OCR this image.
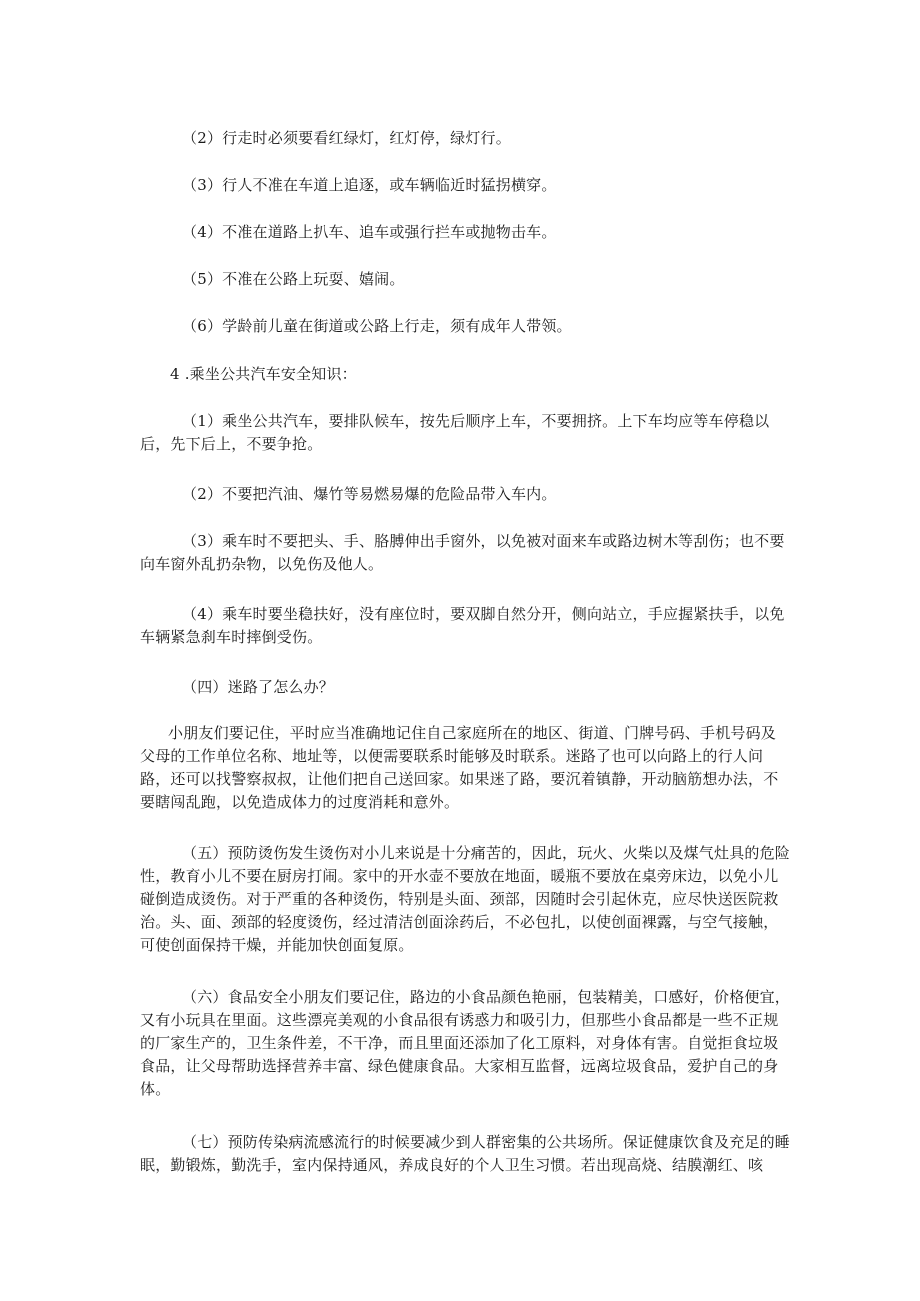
（2）行走时必须要看红绿灯，红灯停，绿灯行。

（3）行人不准在车道上追逐，或车辆临近时猛拐横穿。

（4）不准在道路上扒车、追车或强行拦车或抛物击车。

（5）不准在公路上玩耍、嬉闹。

（6）学龄前儿童在街道或公路上行走，须有成年人带领。

4 .乘坐公共汽车安全知识：

（1）乘坐公共汽车，要排队候车，按先后顺序上车，不要拥挤。上下车均应等车停稳以后，先下后上，不要争抢。

（2）不要把汽油、爆竹等易燃易爆的危险品带入车内。

（3）乘车时不要把头、手、胳膊伸出手窗外，以免被对面来车或路边树木等刮伤；也不要向车窗外乱扔杂物，以免伤及他人。

（4）乘车时要坐稳扶好，没有座位时，要双脚自然分开，侧向站立，手应握紧扶手，以免车辆紧急刹车时摔倒受伤。

（四）迷路了怎么办？

小朋友们要记住，平时应当准确地记住自己家庭所在的地区、街道、门牌号码、手机号码及父母的工作单位名称、地址等，以便需要联系时能够及时联系。迷路了也可以向路上的行人问路，还可以找警察叔叔，让他们把自己送回家。如果迷了路，要沉着镇静，开动脑筋想办法，不要瞎闯乱跑，以免造成体力的过度消耗和意外。

（五）预防烫伤发生烫伤对小儿来说是十分痛苦的，因此，玩火、火柴以及煤气灶具的危险性，教育小儿不要在厨房打闹。家中的开水壶不要放在地面，暖瓶不要放在桌旁床边，以免小儿碰倒造成烫伤。对于严重的各种烫伤，特别是头面、颈部，因随时会引起休克，应尽快送医院救治。头、面、颈部的轻度烫伤，经过清洁创面涂药后，不必包扎，以使创面裸露，与空气接触，可使创面保持干燥，并能加快创面复原。

（六）食品安全小朋友们要记住，路边的小食品颜色艳丽，包装精美，口感好，价格便宜，又有小玩具在里面。这些漂亮美观的小食品很有诱惑力和吸引力，但那些小食品都是一些不正规的厂家生产的，卫生条件差，不干净，而且里面还添加了化工原料，对身体有害。自觉拒食垃圾食品，让父母帮助选择营养丰富、绿色健康食品。大家相互监督，远离垃圾食品，爱护自己的身体。

（七）预防传染病流感流行的时候要减少到人群密集的公共场所。保证健康饮食及充足的睡眠，勤锻炼，勤洗手，室内保持通风，养成良好的个人卫生习惯。若出现高烧、结膜潮红、咳
